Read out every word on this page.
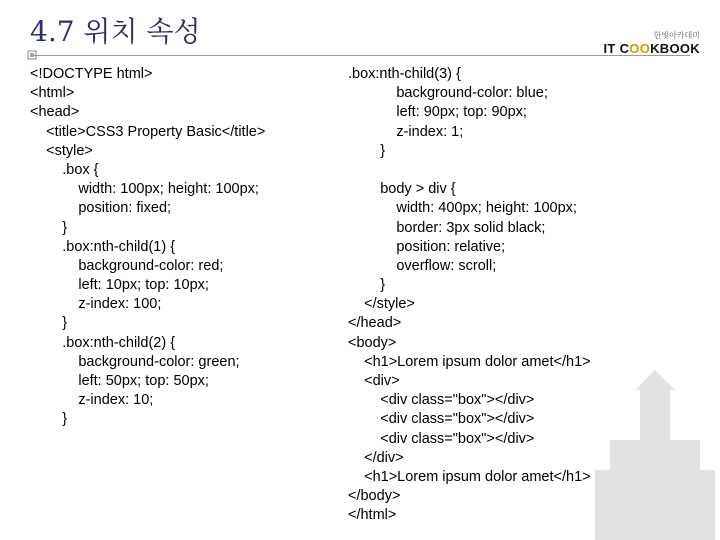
4.7 위치 속성	한빛아카데미
IT COOKBOOK
<!DOCTYPE html>
<html>
<head>
<title>CSS3 Property Basic</title>
<style>
.box {
width: 100px; height: 100px;
position: fixed;
}
.box:nth-child(1) {
background-color: red;
left: 10px; top: 10px;
z-index: 100;
}
.box:nth-child(2) {
background-color: green;
left: 50px; top: 50px;
z-index: 10;
}
.box:nth-child(3) {
background-color: blue;
left: 90px; top: 90px;
z-index: 1;
}
body > div {
width: 400px; height: 100px;
border: 3px solid black;
position: relative;
overflow: scroll;
}
</style>
</head>
<body>
<h1>Lorem ipsum dolor amet</h1>
<div>
<div class="box"></div>
<div class="box"></div>
<div class="box"></div>
</div>
<h1>Lorem ipsum dolor amet</h1>
</body>
</html>
